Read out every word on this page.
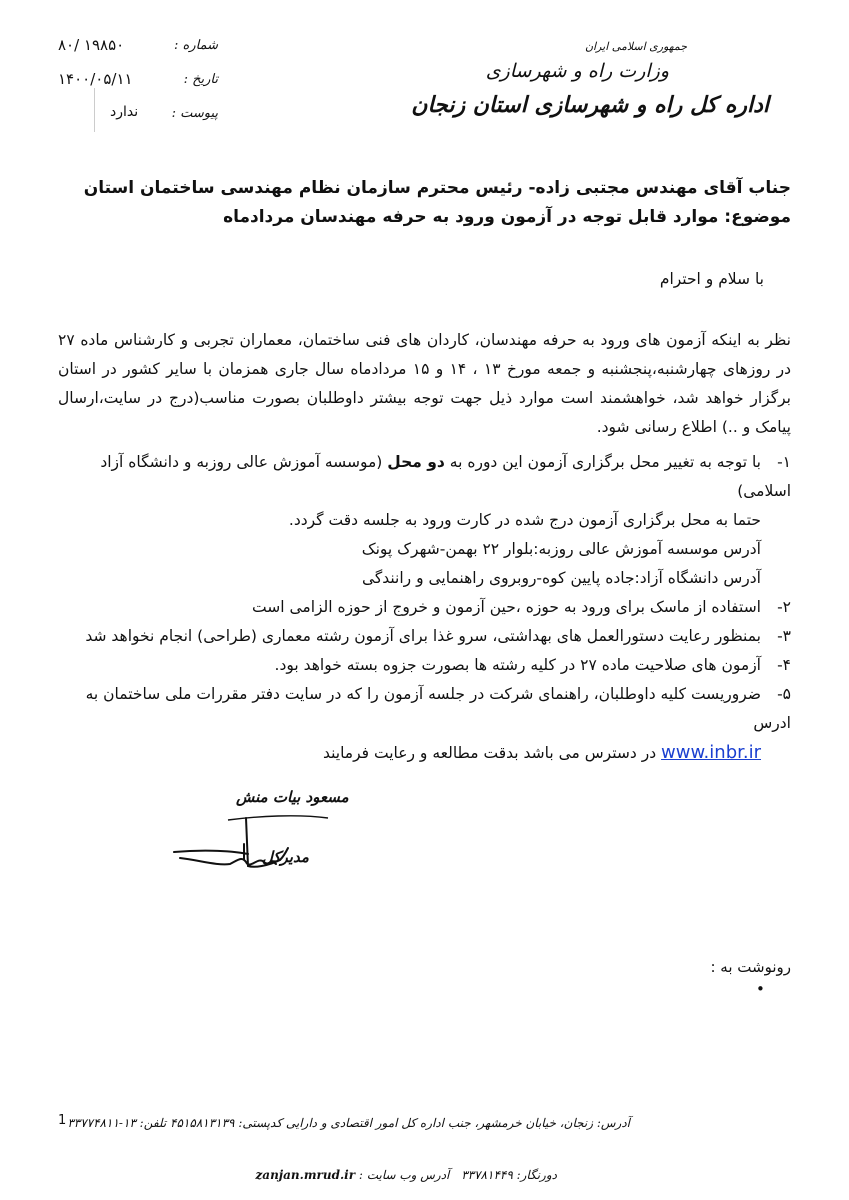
۸۰/ ۱۹۸۵۰	شماره :
۱۴۰۰/۰۵/۱۱	تاریخ :
ندارد	پیوست :
جمهوری اسلامی ایران
وزارت راه و شهرسازی
اداره کل راه و شهرسازی استان زنجان
جناب آقای مهندس مجتبی زاده- رئیس محترم سازمان نظام مهندسی ساختمان استان
موضوع: موارد قابل توجه در آزمون ورود به حرفه مهندسان مردادماه
با سلام و احترام
نظر به اینکه آزمون های ورود به حرفه مهندسان، کاردان های فنی ساختمان، معماران تجربی و کارشناس ماده ۲۷ در روزهای چهارشنبه،پنجشنبه و جمعه مورخ ۱۳ ، ۱۴ و ۱۵ مردادماه سال جاری همزمان با سایر کشور در استان برگزار خواهد شد، خواهشمند است موارد ذیل جهت توجه بیشتر داوطلبان بصورت مناسب(درج در سایت،ارسال پیامک و ..) اطلاع رسانی شود.
۱-با توجه به تغییر محل برگزاری آزمون این دوره به دو محل (موسسه آموزش عالی روزبه و دانشگاه آزاد اسلامی)
حتما به محل برگزاری آزمون درج شده در کارت ورود به جلسه دقت گردد.
آدرس موسسه آموزش عالی روزبه:بلوار ۲۲ بهمن-شهرک پونک
آدرس دانشگاه آزاد:جاده پایین کوه-روبروی راهنمایی و رانندگی
۲-استفاده از ماسک برای ورود به حوزه ،حین آزمون و خروج از حوزه الزامی است
۳-بمنظور رعایت دستورالعمل های بهداشتی، سرو غذا برای آزمون رشته معماری (طراحی) انجام نخواهد شد
۴-آزمون های صلاحیت ماده ۲۷ در کلیه رشته ها بصورت جزوه بسته خواهد بود.
۵-ضروریست کلیه داوطلبان، راهنمای شرکت در جلسه آزمون را که در سایت دفتر مقررات ملی ساختمان به ادرس
www.inbr.ir در دسترس می باشد بدقت مطالعه و رعایت فرمایند
مسعود بیات منش
مدیرکل
رونوشت به :
•
1 آدرس: زنجان، خیابان خرمشهر، جنب اداره کل امور اقتصادی و دارایی کدپستی: ۴۵۱۵۸۱۳۱۳۹ تلفن: ۱۳-۳۳۷۷۴۸۱۱
دورنگار: ۳۳۷۸۱۴۴۹ آدرس وب سایت : zanjan.mrud.ir
